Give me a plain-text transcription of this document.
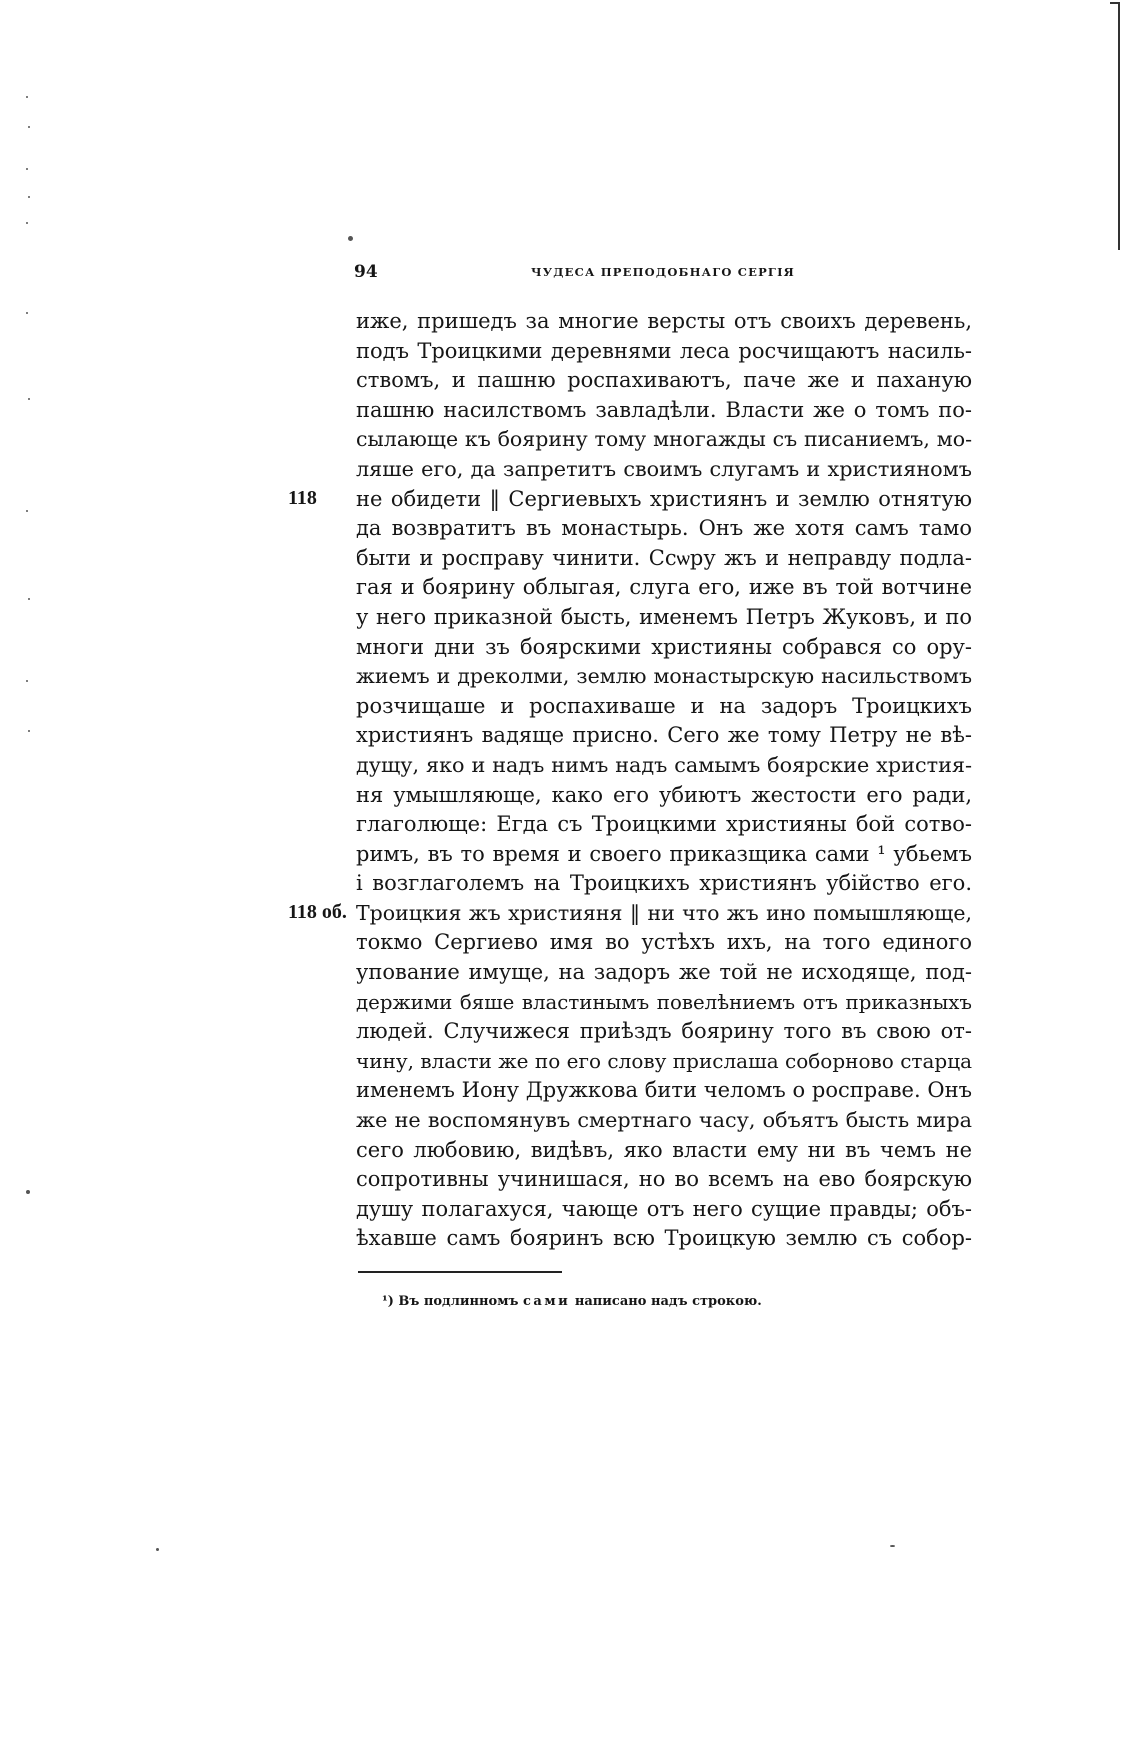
94	ЧУДЕСА ПРЕПОДОБНАГО СЕРГІЯ
118
118 об.
иже, пришедъ за многие версты отъ своихъ деревень,
подъ Троицкими деревнями леса росчищаютъ насиль-
ствомъ, и пашню роспахиваютъ, паче же и паханую
пашню насилствомъ завладѣли. Власти же о томъ по-
сылающе къ боярину тому многажды съ писаниемъ, мо-
ляше его, да запретитъ своимъ слугамъ и християномъ
не обидети ‖ Сергиевыхъ християнъ и землю отнятую
да возвратитъ въ монастырь. Онъ же хотя самъ тамо
быти и росправу чинити. Ссѡру жъ и неправду подла-
гая и боярину облыгая, слуга его, иже въ той вотчине
у него приказной бысть, именемъ Петръ Жуковъ, и по
многи дни зъ боярскими християны собрався со ору-
жиемъ и дреколми, землю монастырскую насильствомъ
розчищаше и роспахиваше и на задоръ Троицкихъ
християнъ вадяще присно. Сего же тому Петру не вѣ-
дущу, яко и надъ нимъ надъ самымъ боярские христия-
ня умышляюще, како его убиютъ жестости его ради,
глаголюще: Егда съ Троицкими християны бой сотво-
римъ, въ то время и своего приказщика сами ¹ убьемъ
і возглаголемъ на Троицкихъ християнъ убійство его.
Троицкия жъ християня ‖ ни что жъ ино помышляюще,
токмо Сергиево имя во устѣхъ ихъ, на того единого
упование имуще, на задоръ же той не исходяще, под-
держими бяше властинымъ повелѣниемъ отъ приказныхъ
людей. Случижеся приѣздъ боярину того въ свою от-
чину, власти же по его слову прислаша соборново старца
именемъ Иону Дружкова бити челомъ о росправе. Онъ
же не воспомянувъ смертнаго часу, объятъ бысть мира
сего любовию, видѣвъ, яко власти ему ни въ чемъ не
сопротивны учинишася, но во всемъ на ево боярскую
душу полагахуся, чающе отъ него сущие правды; объ-
ѣхавше самъ бояринъ всю Троицкую землю съ собор-
¹) Въ подлинномъ сами написано надъ строкою.
